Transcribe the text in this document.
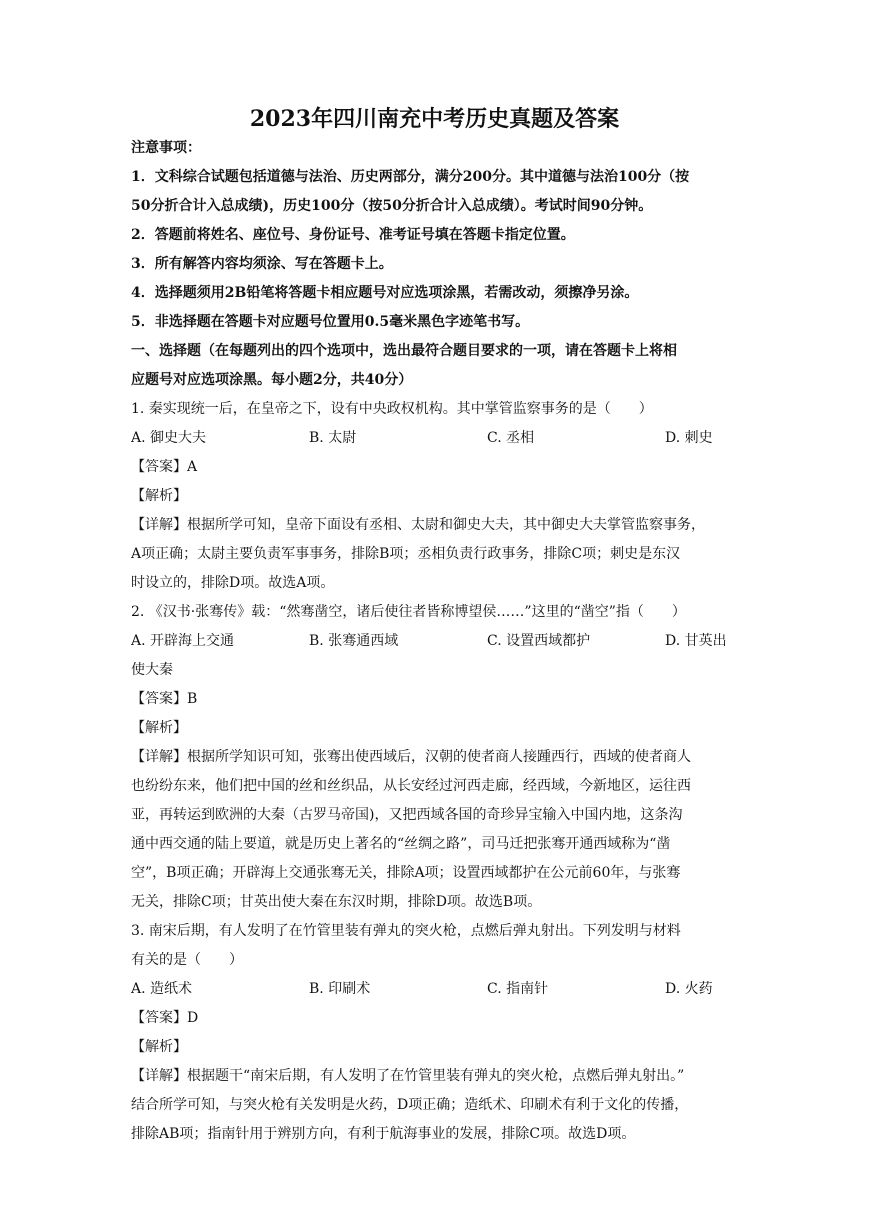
2023年四川南充中考历史真题及答案
注意事项：
1．文科综合试题包括道德与法治、历史两部分，满分200分。其中道德与法治100分（按
50分折合计入总成绩)，历史100分（按50分折合计入总成绩）。考试时间90分钟。
2．答题前将姓名、座位号、身份证号、准考证号填在答题卡指定位置。
3．所有解答内容均须涂、写在答题卡上。
4．选择题须用2B铅笔将答题卡相应题号对应选项涂黑，若需改动，须擦净另涂。
5．非选择题在答题卡对应题号位置用0.5毫米黑色字迹笔书写。
一、选择题（在每题列出的四个选项中，选出最符合题目要求的一项，请在答题卡上将相
应题号对应选项涂黑。每小题2分，共40分）
1. 秦实现统一后，在皇帝之下，设有中央政权机构。其中掌管监察事务的是（　　）
A. 御史大夫	B. 太尉	C. 丞相	D. 刺史
【答案】A
【解析】
【详解】根据所学可知，皇帝下面设有丞相、太尉和御史大夫，其中御史大夫掌管监察事务，
A项正确；太尉主要负责军事事务，排除B项；丞相负责行政事务，排除C项；刺史是东汉
时设立的，排除D项。故选A项。
2. 《汉书·张骞传》载：“然骞凿空，诸后使往者皆称博望侯……”这里的“凿空”指（　　）
A. 开辟海上交通	B. 张骞通西域	C. 设置西域都护	D. 甘英出
使大秦
【答案】B
【解析】
【详解】根据所学知识可知，张骞出使西域后，汉朝的使者商人接踵西行，西域的使者商人
也纷纷东来，他们把中国的丝和丝织品，从长安经过河西走廊，经西域，今新地区，运往西
亚，再转运到欧洲的大秦（古罗马帝国)，又把西域各国的奇珍异宝输入中国内地，这条沟
通中西交通的陆上要道，就是历史上著名的“丝绸之路”，司马迁把张骞开通西域称为“凿
空”，B项正确；开辟海上交通张骞无关，排除A项；设置西域都护在公元前60年，与张骞
无关，排除C项；甘英出使大秦在东汉时期，排除D项。故选B项。
3. 南宋后期，有人发明了在竹管里装有弹丸的突火枪，点燃后弹丸射出。下列发明与材料
有关的是（　　）
A. 造纸术	B. 印刷术	C. 指南针	D. 火药
【答案】D
【解析】
【详解】根据题干“南宋后期，有人发明了在竹管里装有弹丸的突火枪，点燃后弹丸射出。”
结合所学可知，与突火枪有关发明是火药，D项正确；造纸术、印刷术有利于文化的传播，
排除AB项；指南针用于辨别方向，有利于航海事业的发展，排除C项。故选D项。
